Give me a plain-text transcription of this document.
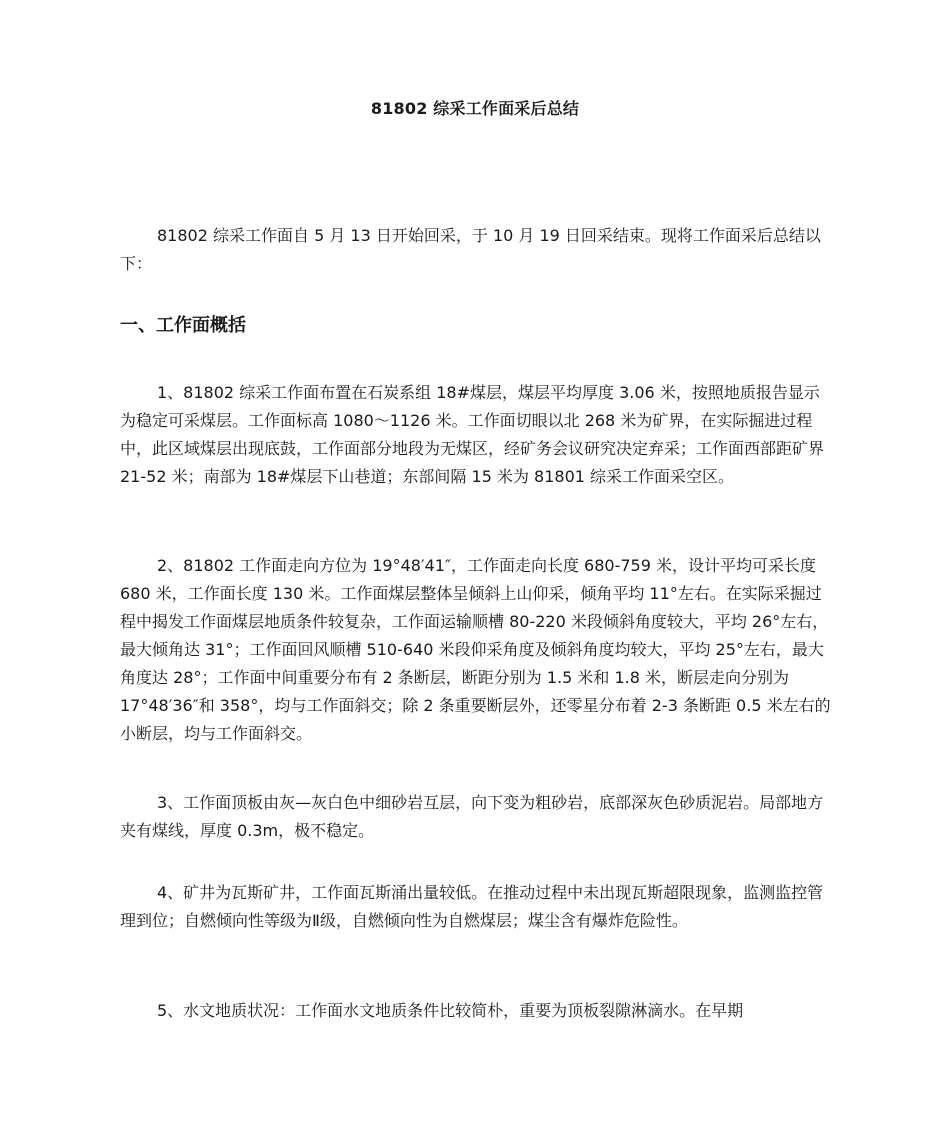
81802 综采工作面采后总结

81802 综采工作面自 5 月 13 日开始回采，于 10 月 19 日回采结束。现将工作面采后总结以下：

一、工作面概括

1、81802 综采工作面布置在石炭系组 18#煤层，煤层平均厚度 3.06 米，按照地质报告显示为稳定可采煤层。工作面标高 1080～1126 米。工作面切眼以北 268 米为矿界，在实际掘进过程中，此区域煤层出现底鼓，工作面部分地段为无煤区，经矿务会议研究决定弃采；工作面西部距矿界 21-52 米；南部为 18#煤层下山巷道；东部间隔 15 米为 81801 综采工作面采空区。

2、81802 工作面走向方位为 19°48′41″，工作面走向长度 680-759 米，设计平均可采长度 680 米，工作面长度 130 米。工作面煤层整体呈倾斜上山仰采，倾角平均 11°左右。在实际采掘过程中揭发工作面煤层地质条件较复杂，工作面运输顺槽 80-220 米段倾斜角度较大，平均 26°左右，最大倾角达 31°；工作面回风顺槽 510-640 米段仰采角度及倾斜角度均较大，平均 25°左右，最大角度达 28°；工作面中间重要分布有 2 条断层，断距分别为 1.5 米和 1.8 米，断层走向分别为 17°48′36″和 358°，均与工作面斜交；除 2 条重要断层外，还零星分布着 2-3 条断距 0.5 米左右的小断层，均与工作面斜交。

3、工作面顶板由灰—灰白色中细砂岩互层，向下变为粗砂岩，底部深灰色砂质泥岩。局部地方夹有煤线，厚度 0.3m，极不稳定。

4、矿井为瓦斯矿井，工作面瓦斯涌出量较低。在推动过程中未出现瓦斯超限现象，监测监控管理到位；自燃倾向性等级为Ⅱ级，自燃倾向性为自燃煤层；煤尘含有爆炸危险性。

5、水文地质状况：工作面水文地质条件比较简朴，重要为顶板裂隙淋滴水。在早期
